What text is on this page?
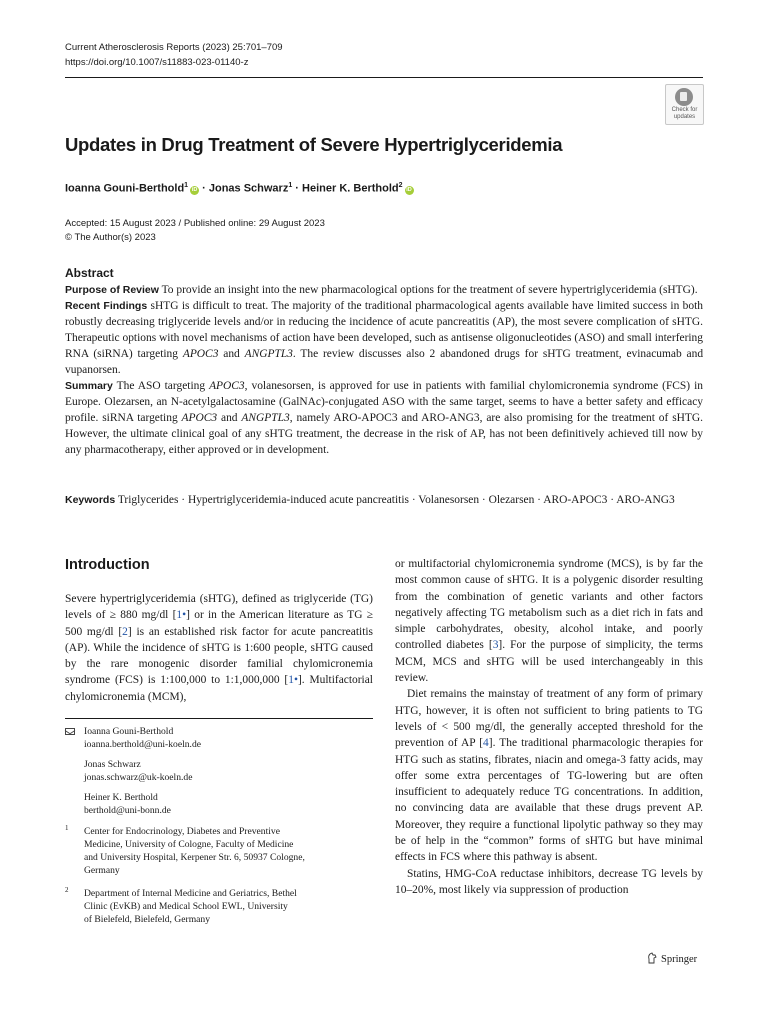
Current Atherosclerosis Reports (2023) 25:701–709
https://doi.org/10.1007/s11883-023-01140-z
Check for updates
Updates in Drug Treatment of Severe Hypertriglyceridemia
Ioanna Gouni-Berthold$^1$iD · Jonas Schwarz$^1$ · Heiner K. Berthold$^2$iD
Accepted: 15 August 2023 / Published online: 29 August 2023
© The Author(s) 2023
Abstract

Purpose of Review To provide an insight into the new pharmacological options for the treatment of severe hypertriglyceridemia (sHTG).

Recent Findings sHTG is difficult to treat. The majority of the traditional pharmacological agents available have limited success in both robustly decreasing triglyceride levels and/or in reducing the incidence of acute pancreatitis (AP), the most severe complication of sHTG. Therapeutic options with novel mechanisms of action have been developed, such as antisense oligonucleotides (ASO) and small interfering RNA (siRNA) targeting APOC3 and ANGPTL3. The review discusses also 2 abandoned drugs for sHTG treatment, evinacumab and vupanorsen.

Summary The ASO targeting APOC3, volanesorsen, is approved for use in patients with familial chylomicronemia syndrome (FCS) in Europe. Olezarsen, an N-acetylgalactosamine (GalNAc)-conjugated ASO with the same target, seems to have a better safety and efficacy profile. siRNA targeting APOC3 and ANGPTL3, namely ARO-APOC3 and ARO-ANG3, are also promising for the treatment of sHTG. However, the ultimate clinical goal of any sHTG treatment, the decrease in the risk of AP, has not been definitively achieved till now by any pharmacotherapy, either approved or in development.

Keywords Triglycerides · Hypertriglyceridemia-induced acute pancreatitis · Volanesorsen · Olezarsen · ARO-APOC3 · ARO-ANG3
Introduction

Severe hypertriglyceridemia (sHTG), defined as triglyceride (TG) levels of ≥ 880 mg/dl [1•] or in the American literature as TG ≥ 500 mg/dl [2] is an established risk factor for acute pancreatitis (AP). While the incidence of sHTG is 1:600 people, sHTG caused by the rare monogenic disorder familial chylomicronemia syndrome (FCS) is 1:100,000 to 1:1,000,000 [1•]. Multifactorial chylomicronemia (MCM),

or multifactorial chylomicronemia syndrome (MCS), is by far the most common cause of sHTG. It is a polygenic disorder resulting from the combination of genetic variants and other factors negatively affecting TG metabolism such as a diet rich in fats and simple carbohydrates, obesity, alcohol intake, and poorly controlled diabetes [3]. For the purpose of simplicity, the terms MCM, MCS and sHTG will be used interchangeably in this review.

Diet remains the mainstay of treatment of any form of primary HTG, however, it is often not sufficient to bring patients to TG levels of < 500 mg/dl, the generally accepted threshold for the prevention of AP [4]. The traditional pharmacologic therapies for HTG such as statins, fibrates, niacin and omega-3 fatty acids, may offer some extra percentages of TG-lowering but are often insufficient to adequately reduce TG concentrations. In addition, no convincing data are available that these drugs prevent AP. Moreover, they require a functional lipolytic pathway so they may be of help in the “common” forms of sHTG but have minimal effects in FCS where this pathway is absent.

Statins, HMG-CoA reductase inhibitors, decrease TG levels by 10–20%, most likely via suppression of production

Ioanna Gouni-Berthold
ioanna.berthold@uni-koeln.de
Jonas Schwarz
jonas.schwarz@uk-koeln.de
Heiner K. Berthold
berthold@uni-bonn.de
1 Center for Endocrinology, Diabetes and Preventive
Medicine, University of Cologne, Faculty of Medicine
and University Hospital, Kerpener Str. 6, 50937 Cologne,
Germany
2 Department of Internal Medicine and Geriatrics, Bethel
Clinic (EvKB) and Medical School EWL, University
of Bielefeld, Bielefeld, Germany
Springer
